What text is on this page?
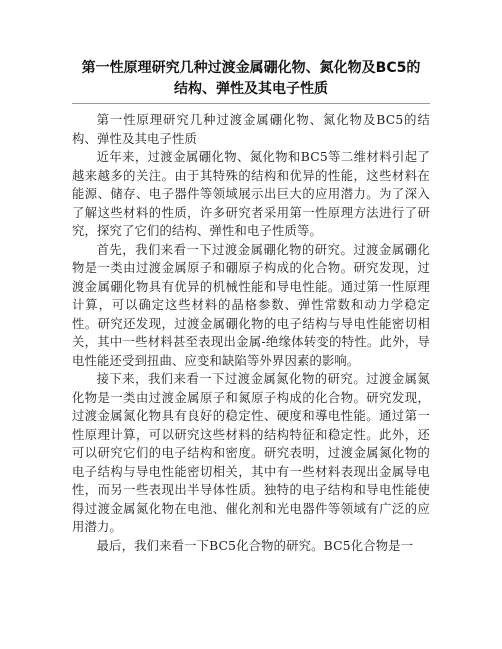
第一性原理研究几种过渡金属硼化物、氮化物及BC5的
结构、弹性及其电子性质

第一性原理研究几种过渡金属硼化物、氮化物及BC5的结构、弹性及其电子性质

近年来，过渡金属硼化物、氮化物和BC5等二维材料引起了越来越多的关注。由于其特殊的结构和优异的性能，这些材料在能源、储存、电子器件等领域展示出巨大的应用潜力。为了深入了解这些材料的性质，许多研究者采用第一性原理方法进行了研究，探究了它们的结构、弹性和电子性质等。

首先，我们来看一下过渡金属硼化物的研究。过渡金属硼化物是一类由过渡金属原子和硼原子构成的化合物。研究发现，过渡金属硼化物具有优异的机械性能和导电性能。通过第一性原理计算，可以确定这些材料的晶格参数、弹性常数和动力学稳定性。研究还发现，过渡金属硼化物的电子结构与导电性能密切相关，其中一些材料甚至表现出金属-绝缘体转变的特性。此外，导电性能还受到扭曲、应变和缺陷等外界因素的影响。

接下来，我们来看一下过渡金属氮化物的研究。过渡金属氮化物是一类由过渡金属原子和氮原子构成的化合物。研究发现，过渡金属氮化物具有良好的稳定性、硬度和導电性能。通过第一性原理计算，可以研究这些材料的结构特征和稳定性。此外，还可以研究它们的电子结构和密度。研究表明，过渡金属氮化物的电子结构与导电性能密切相关，其中有一些材料表现出金属导电性，而另一些表现出半导体性质。独特的电子结构和导电性能使得过渡金属氮化物在电池、催化剂和光电器件等领域有广泛的应用潜力。

最后，我们来看一下BC5化合物的研究。BC5化合物是一
